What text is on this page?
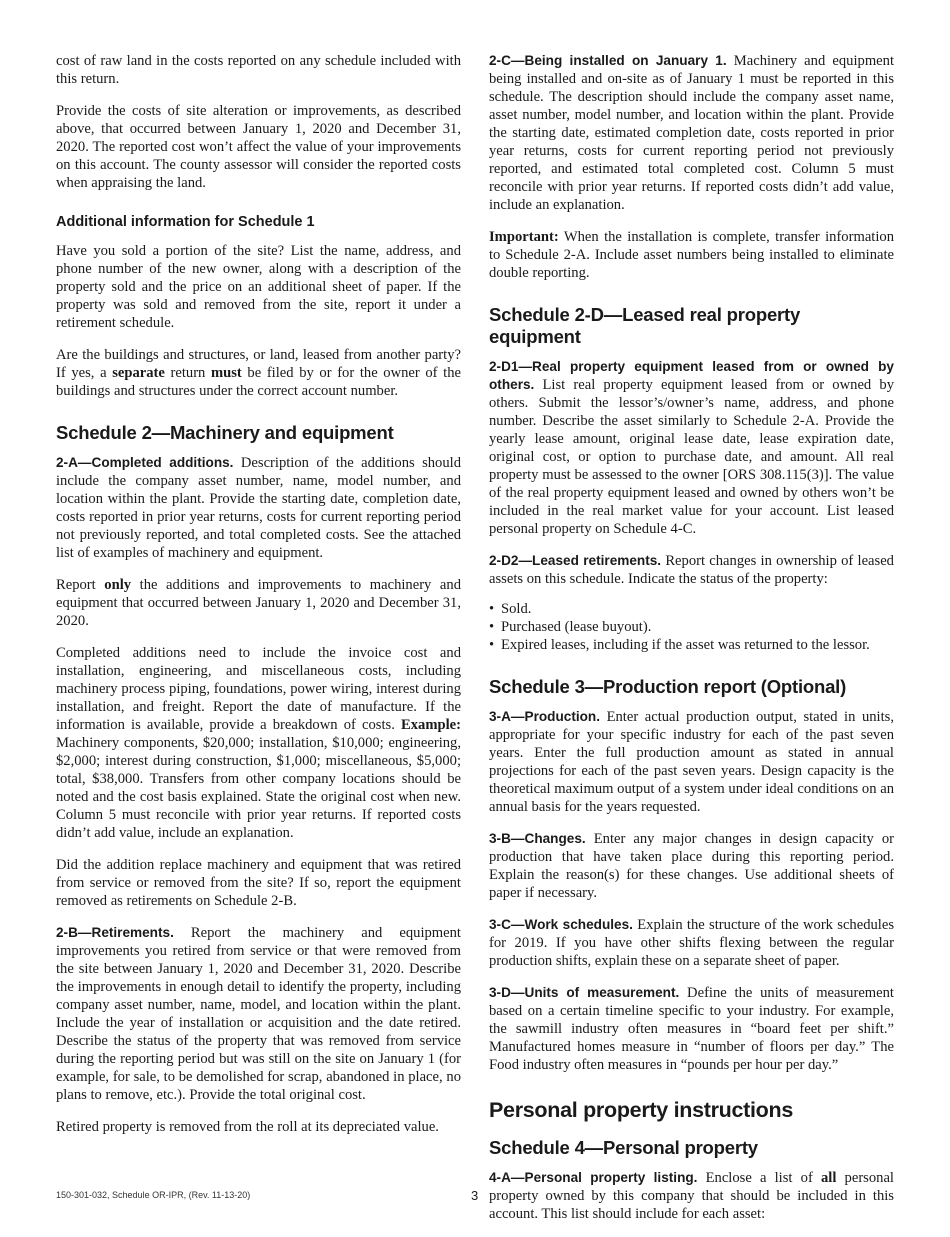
cost of raw land in the costs reported on any schedule included with this return.

Provide the costs of site alteration or improvements, as described above, that occurred between January 1, 2020 and December 31, 2020. The reported cost won’t affect the value of your improvements on this account. The county assessor will consider the reported costs when appraising the land.

Additional information for Schedule 1

Have you sold a portion of the site? List the name, address, and phone number of the new owner, along with a description of the property sold and the price on an additional sheet of paper. If the property was sold and removed from the site, report it under a retirement schedule.

Are the buildings and structures, or land, leased from another party? If yes, a separate return must be filed by or for the owner of the buildings and structures under the correct account number.

Schedule 2—Machinery and equipment

2-A—Completed additions. Description of the additions should include the company asset number, name, model number, and location within the plant. Provide the starting date, completion date, costs reported in prior year returns, costs for current reporting period not previously reported, and total completed costs. See the attached list of examples of machinery and equipment.

Report only the additions and improvements to machinery and equipment that occurred between January 1, 2020 and December 31, 2020.

Completed additions need to include the invoice cost and installation, engineering, and miscellaneous costs, including machinery process piping, foundations, power wiring, interest during installation, and freight. Report the date of manufacture. If the information is available, provide a breakdown of costs. Example: Machinery components, $20,000; installation, $10,000; engineering, $2,000; interest during construction, $1,000; miscellaneous, $5,000; total, $38,000. Transfers from other company locations should be noted and the cost basis explained. State the original cost when new. Column 5 must reconcile with prior year returns. If reported costs didn’t add value, include an explanation.

Did the addition replace machinery and equipment that was retired from service or removed from the site? If so, report the equipment removed as retirements on Schedule 2-B.

2-B—Retirements. Report the machinery and equipment improvements you retired from service or that were removed from the site between January 1, 2020 and December 31, 2020. Describe the improvements in enough detail to identify the property, including company asset number, name, model, and location within the plant. Include the year of installation or acquisition and the date retired. Describe the status of the property that was removed from service during the reporting period but was still on the site on January 1 (for example, for sale, to be demolished for scrap, abandoned in place, no plans to remove, etc.). Provide the total original cost.

Retired property is removed from the roll at its depreciated value.

2-C—Being installed on January 1. Machinery and equipment being installed and on-site as of January 1 must be reported in this schedule. The description should include the company asset name, asset number, model number, and location within the plant. Provide the starting date, estimated completion date, costs reported in prior year returns, costs for current reporting period not previously reported, and estimated total completed cost. Column 5 must reconcile with prior year returns. If reported costs didn’t add value, include an explanation.

Important: When the installation is complete, transfer information to Schedule 2-A. Include asset numbers being installed to eliminate double reporting.

Schedule 2-D—Leased real property equipment

2-D1—Real property equipment leased from or owned by others. List real property equipment leased from or owned by others. Submit the lessor’s/owner’s name, address, and phone number. Describe the asset similarly to Schedule 2-A. Provide the yearly lease amount, original lease date, lease expiration date, original cost, or option to purchase date, and amount. All real property must be assessed to the owner [ORS 308.115(3)]. The value of the real property equipment leased and owned by others won’t be included in the real market value for your account. List leased personal property on Schedule 4-C.

2-D2—Leased retirements. Report changes in ownership of leased assets on this schedule. Indicate the status of the property:

• Sold.
• Purchased (lease buyout).
• Expired leases, including if the asset was returned to the lessor.
Schedule 3—Production report (Optional)

3-A—Production. Enter actual production output, stated in units, appropriate for your specific industry for each of the past seven years. Enter the full production amount as stated in annual projections for each of the past seven years. Design capacity is the theoretical maximum output of a system under ideal conditions on an annual basis for the years requested.

3-B—Changes. Enter any major changes in design capacity or production that have taken place during this reporting period. Explain the reason(s) for these changes. Use additional sheets of paper if necessary.

3-C—Work schedules. Explain the structure of the work schedules for 2019. If you have other shifts flexing between the regular production shifts, explain these on a separate sheet of paper.

3-D—Units of measurement. Define the units of measurement based on a certain timeline specific to your industry. For example, the sawmill industry often measures in “board feet per shift.” Manufactured homes measure in “number of floors per day.” The Food industry often measures in “pounds per hour per day.”

Personal property instructions
Schedule 4—Personal property

4-A—Personal property listing. Enclose a list of all personal property owned by this company that should be included in this account. This list should include for each asset:

150-301-032, Schedule OR-IPR, (Rev. 11-13-20)	3
